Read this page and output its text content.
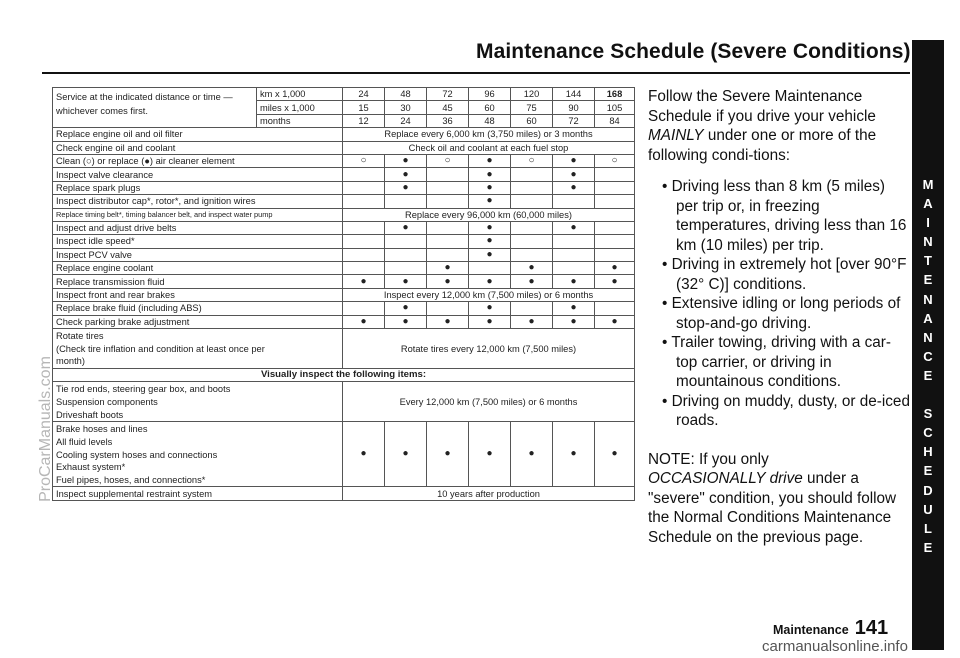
Maintenance Schedule (Severe Conditions)
M
A
I
N
T
E
N
A
N
C
E

S
C
H
E
D
U
L
E
Service at the indicated distance or time — whichever comes first.	km x 1,000	24	48	72	96	120	144	168
	miles x 1,000	15	30	45	60	75	90	105
	months	12	24	36	48	60	72	84
Replace engine oil and oil filter		Replace every 6,000 km (3,750 miles) or 3 months						
Check engine oil and coolant		Check oil and coolant at each fuel stop						
Clean (○) or replace (●) air cleaner element		○	●	○	●	○	●	○
Inspect valve clearance			●		●		●	
Replace spark plugs			●		●		●	
Inspect distributor cap*, rotor*, and ignition wires					●			
Replace timing belt*, timing balancer belt, and inspect water pump		Replace every 96,000 km (60,000 miles)						
Inspect and adjust drive belts			●		●		●	
Inspect idle speed*					●			
Inspect PCV valve					●			
Replace engine coolant				●		●		●
Replace transmission fluid		●	●	●	●	●	●	●
Inspect front and rear brakes		Inspect every 12,000 km (7,500 miles) or 6 months						
Replace brake fluid (including ABS)			●		●		●	
Check parking brake adjustment		●	●	●	●	●	●	●

Rotate tires
(Check tire inflation and condition at least once per
month)		Rotate tires every 12,000 km (7,500 miles)						
Visually inspect the following items:								

Tie rod ends, steering gear box, and boots
Suspension components
Driveshaft boots		Every 12,000 km (7,500 miles) or 6 months						

Brake hoses and lines
All fluid levels
Cooling system hoses and connections
Exhaust system*
Fuel pipes, hoses, and connections*		●	●	●	●	●	●	●
Inspect supplemental restraint system		10 years after production						

Follow the Severe Maintenance Schedule if you drive your vehicle MAINLY under one or more of the following condi-tions:

• Driving less than 8 km (5 miles) per trip or, in freezing temperatures, driving less than 16 km (10 miles) per trip.
• Driving in extremely hot [over 90°F (32° C)] conditions.
• Extensive idling or long periods of stop-and-go driving.
• Trailer towing, driving with a car-top carrier, or driving in mountainous conditions.
• Driving on muddy, dusty, or de-iced roads.

NOTE: If you only
OCCASIONALLY drive under a "severe" condition, you should follow the Normal Conditions Maintenance Schedule on the previous page.

Maintenance 141
ProCarManuals.com
carmanualsonline.info
